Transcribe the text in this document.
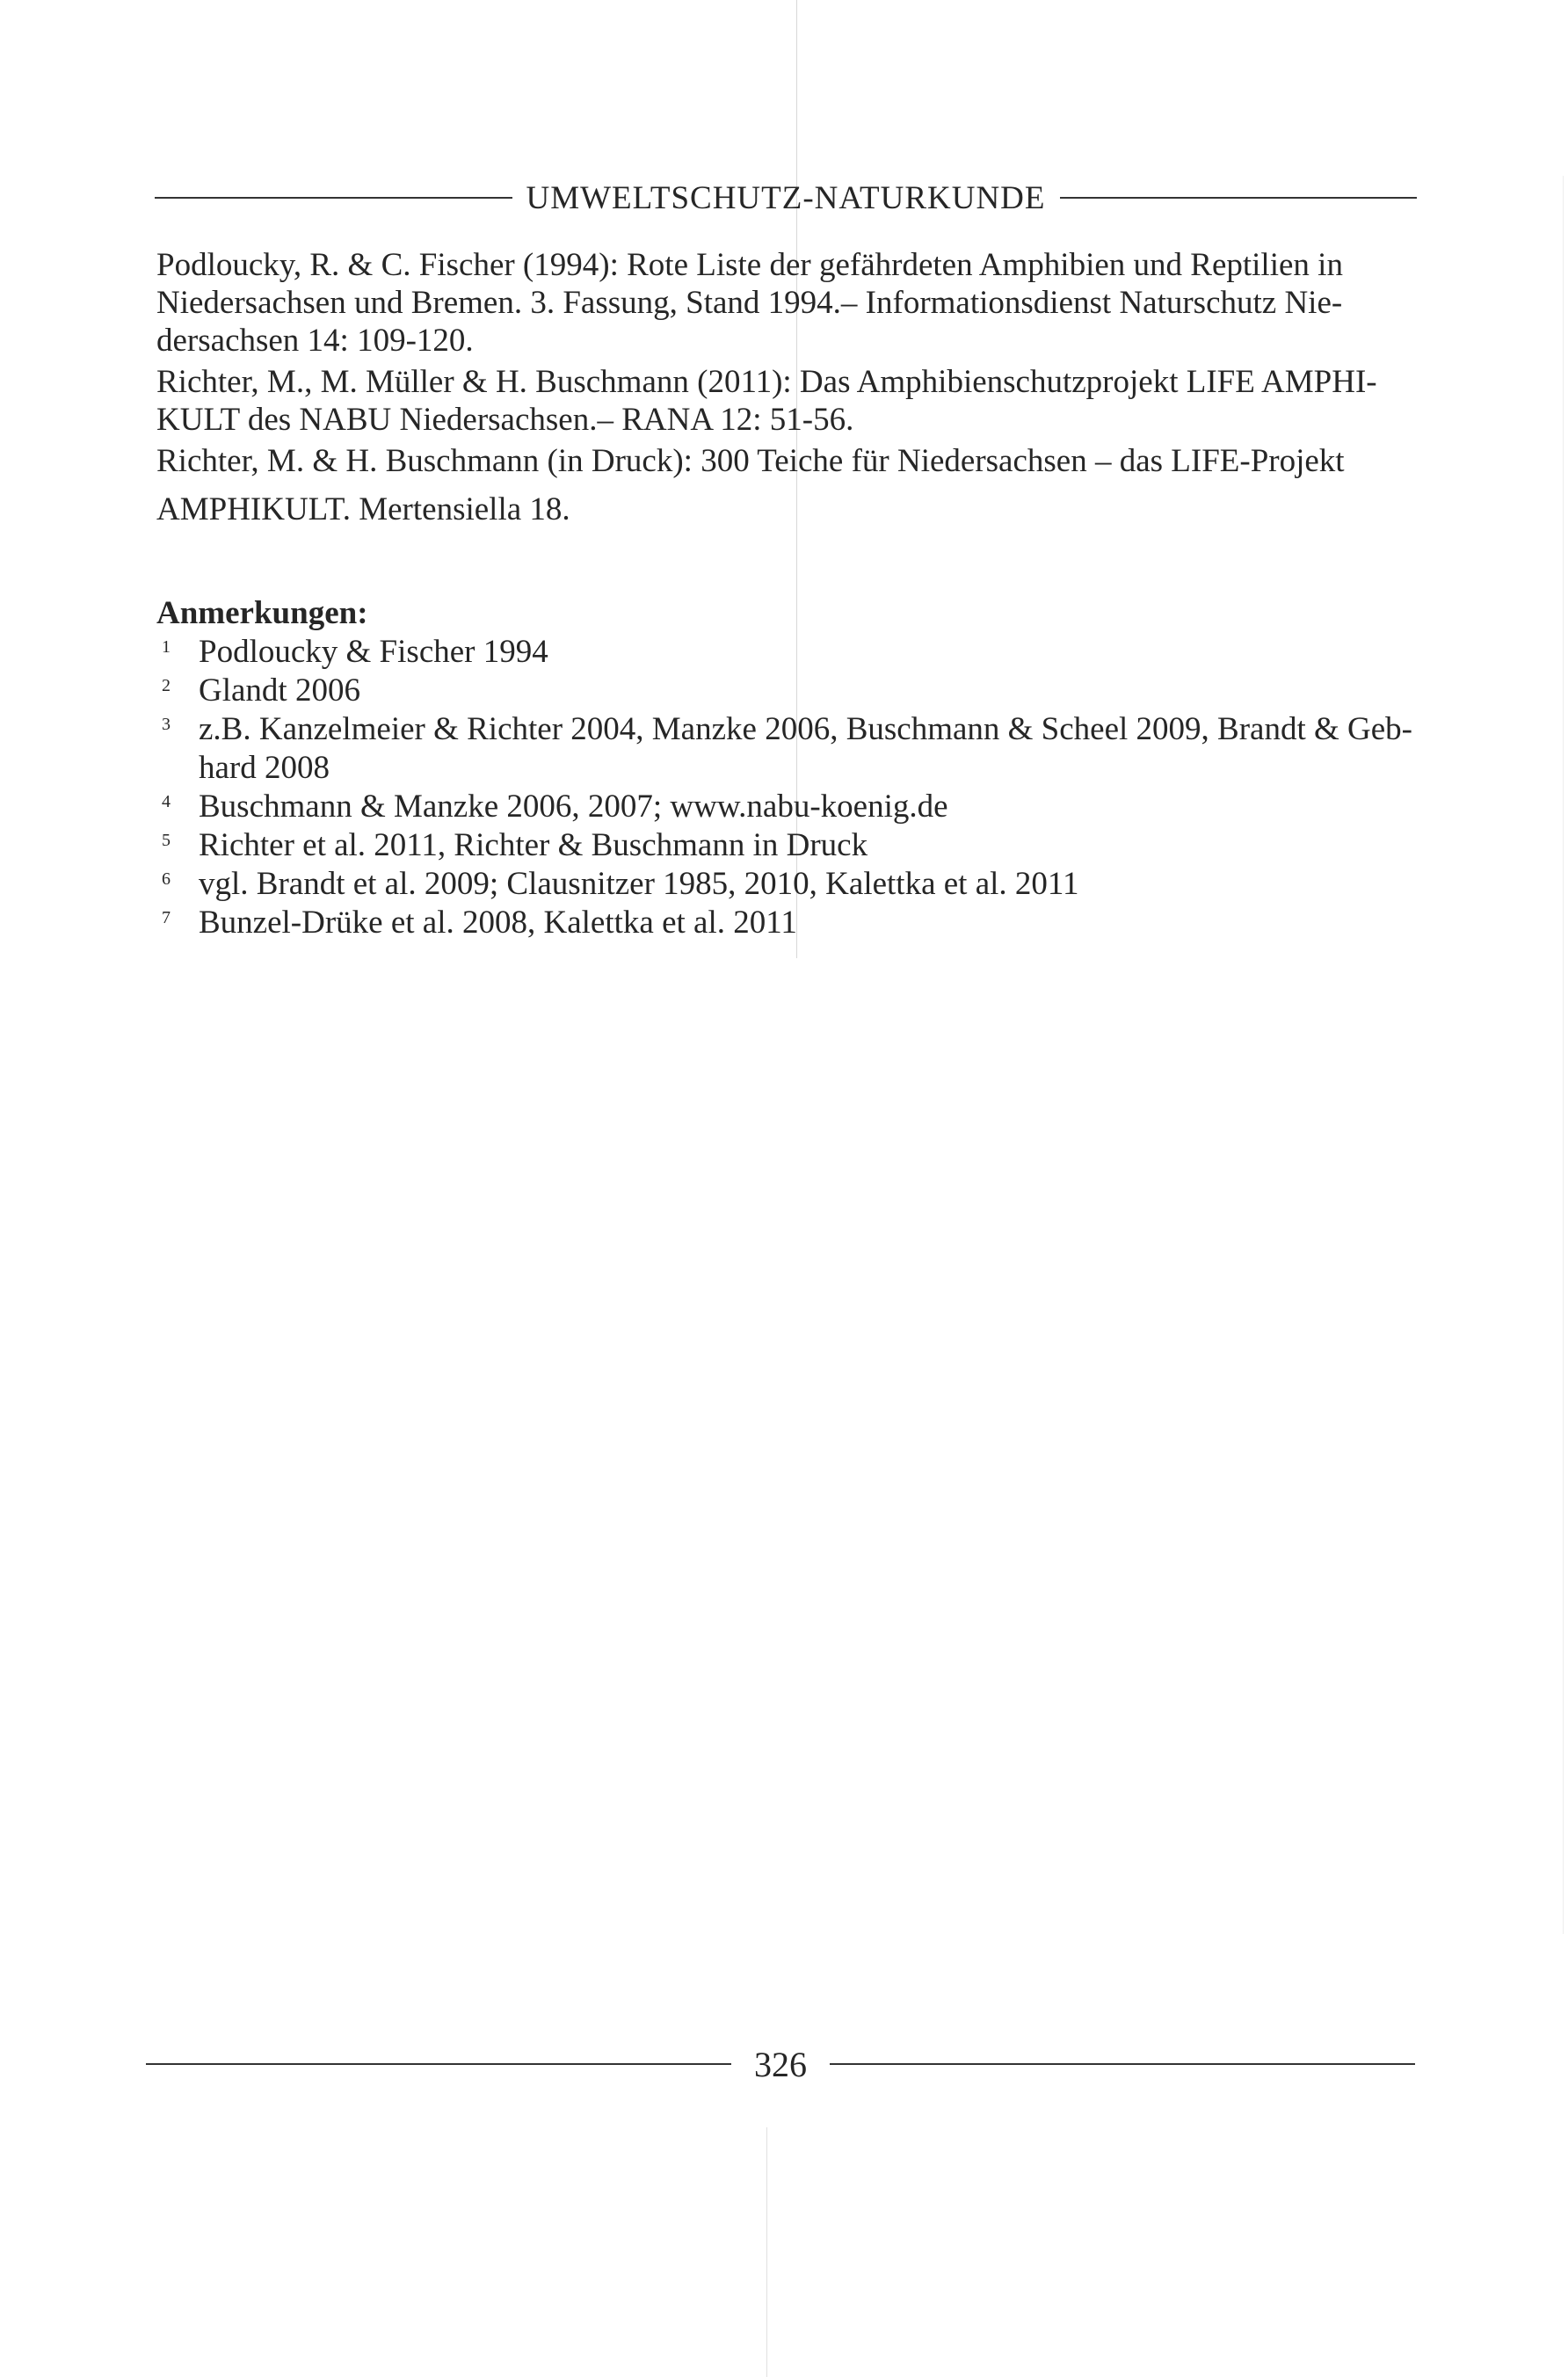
UMWELTSCHUTZ-NATURKUNDE
Podloucky, R. & C. Fischer (1994): Rote Liste der gefährdeten Amphibien und Reptilien in
Niedersachsen und Bremen. 3. Fassung, Stand 1994.– Informationsdienst Naturschutz Nie-
dersachsen 14: 109-120.
Richter, M., M. Müller & H. Buschmann (2011): Das Amphibienschutzprojekt LIFE AMPHI-
KULT des NABU Niedersachsen.– RANA 12: 51-56.
Richter, M. & H. Buschmann (in Druck): 300 Teiche für Niedersachsen – das LIFE-Projekt
AMPHIKULT. Mertensiella 18.
Anmerkungen:
1 Podloucky & Fischer 1994
2 Glandt 2006
3 z.B. Kanzelmeier & Richter 2004, Manzke 2006, Buschmann & Scheel 2009, Brandt & Geb-
hard 2008
4 Buschmann & Manzke 2006, 2007; www.nabu-koenig.de
5 Richter et al. 2011, Richter & Buschmann in Druck
6 vgl. Brandt et al. 2009; Clausnitzer 1985, 2010, Kalettka et al. 2011
7 Bunzel-Drüke et al. 2008, Kalettka et al. 2011
326
